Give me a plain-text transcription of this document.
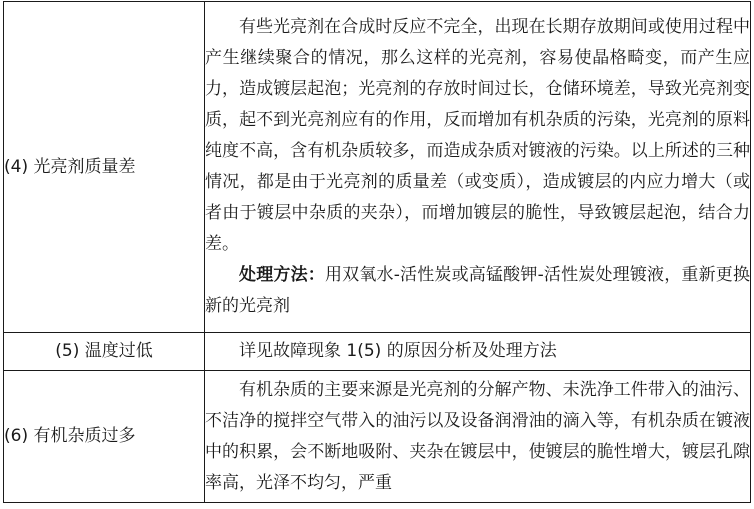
(4) 光亮剂质量差	有些光亮剂在合成时反应不完全，出现在长期存放期间或使用过程中产生继续聚合的情况，那么这样的光亮剂，容易使晶格畸变，而产生应力，造成镀层起泡；光亮剂的存放时间过长，仓储环境差，导致光亮剂变质，起不到光亮剂应有的作用，反而增加有机杂质的污染，光亮剂的原料纯度不高，含有机杂质较多，而造成杂质对镀液的污染。以上所述的三种情况，都是由于光亮剂的质量差（或变质），造成镀层的内应力增大（或者由于镀层中杂质的夹杂），而增加镀层的脆性，导致镀层起泡，结合力差。

处理方法：用双氧水-活性炭或高锰酸钾-活性炭处理镀液，重新更换新的光亮剂

(5) 温度过低	详见故障现象 1(5) 的原因分析及处理方法

(6) 有机杂质过多	有机杂质的主要来源是光亮剂的分解产物、未洗净工件带入的油污、不洁净的搅拌空气带入的油污以及设备润滑油的滴入等，有机杂质在镀液中的积累，会不断地吸附、夹杂在镀层中，使镀层的脆性增大，镀层孔隙率高，光泽不均匀，严重
